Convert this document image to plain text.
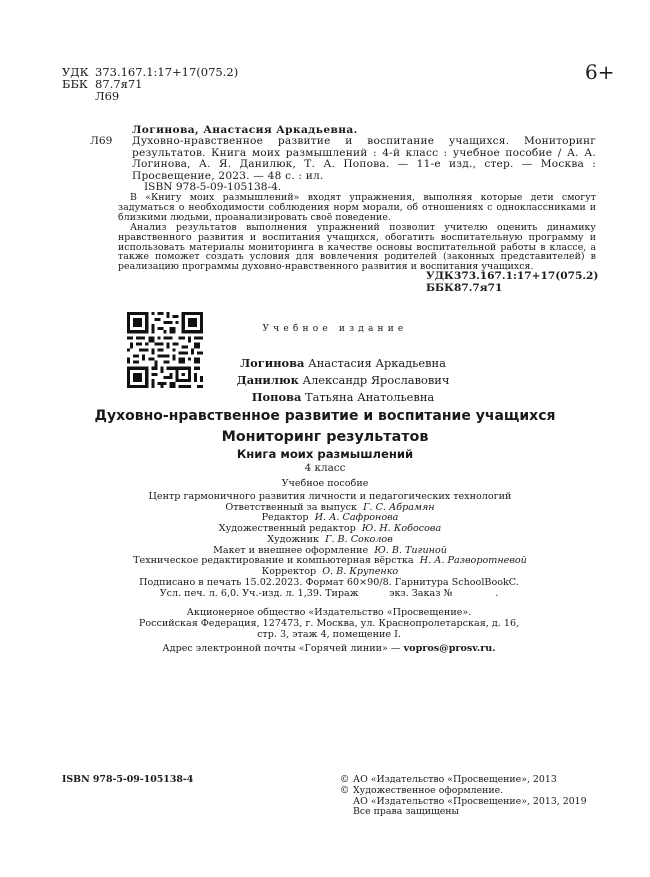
УДК 373.167.1:17+17(075.2)
ББК 87.7я71
Л69
6+
Логинова, Анастасия Аркадьевна.
Л69	Духовно-нравственное развитие и воспитание учащихся. Мониторинг результатов. Книга моих размышлений : 4-й класс : учебное пособие / А. А. Логинова, А. Я. Данилюк, Т. А. Попова. — 11-е изд., стер. — Москва : Просвещение, 2023. — 48 с. : ил.
ISBN 978-5-09-105138-4.

В «Книгу моих размышлений» входят упражнения, выполняя которые дети смогут задуматься о необходимости соблюдения норм морали, об отношениях с одноклассниками и близкими людьми, проанализировать своё поведение.

Анализ результатов выполнения упражнений позволит учителю оценить динамику нравственного развития и воспитания учащихся, обогатить воспитательную программу и использовать материалы мониторинга в качестве основы воспитательной работы в классе, а также поможет создать условия для вовлечения родителей (законных представителей) в реализацию программы духовно-нравственного развития и воспитания учащихся.

УДК 373.167.1:17+17(075.2)
ББК 87.7я71
Учебное издание
Логинова Анастасия Аркадьевна
Данилюк Александр Ярославович
Попова Татьяна Анатольевна
Духовно-нравственное развитие и воспитание учащихся
Мониторинг результатов
Книга моих размышлений
4 класс
Учебное пособие
Центр гармоничного развития личности и педагогических технологий
Ответственный за выпуск Г. С. Абрамян
Редактор И. А. Сафронова
Художественный редактор Ю. Н. Кобосова
Художник Г. В. Соколов
Макет и внешнее оформление Ю. В. Тигиной
Техническое редактирование и компьютерная вёрстка Н. А. Разворотневой
Корректор О. В. Крупенко
Подписано в печать 15.02.2023. Формат 60×90/8. Гарнитура SchoolBookC.
Усл. печ. л. 6,0. Уч.-изд. л. 1,39. Тираж          экз. Заказ №              .
Акционерное общество «Издательство «Просвещение».
Российская Федерация, 127473, г. Москва, ул. Краснопролетарская, д. 16,
стр. 3, этаж 4, помещение I.
Адрес электронной почты «Горячей линии» — vopros@prosv.ru.
ISBN 978-5-09-105138-4	© АО «Издательство «Просвещение», 2013
© Художественное оформление.
АО «Издательство «Просвещение», 2013, 2019
Все права защищены
